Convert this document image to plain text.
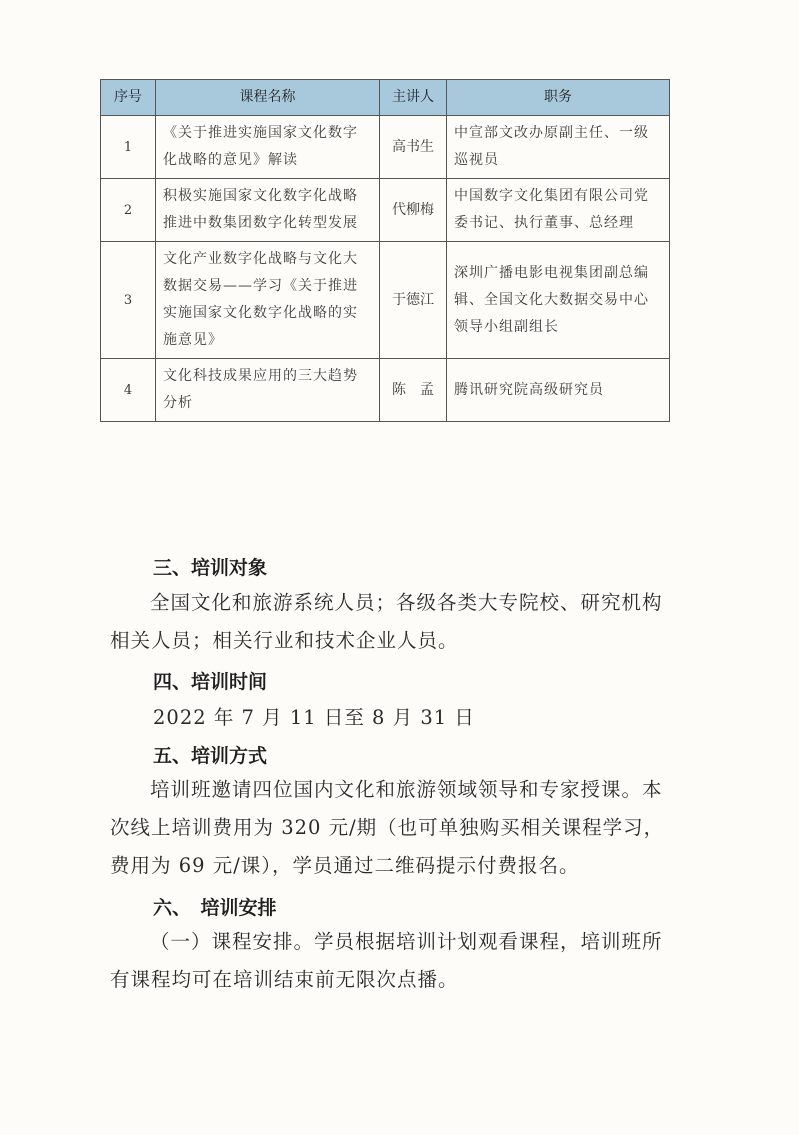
序号	课程名称	主讲人	职务
1	《关于推进实施国家文化数字化战略的意见》解读	高书生	中宣部文改办原副主任、一级巡视员
2	积极实施国家文化数字化战略　推进中数集团数字化转型发展	代柳梅	中国数字文化集团有限公司党委书记、执行董事、总经理
3	文化产业数字化战略与文化大数据交易——学习《关于推进实施国家文化数字化战略的实施意见》	于德江	深圳广播电影电视集团副总编辑、全国文化大数据交易中心领导小组副组长
4	文化科技成果应用的三大趋势分析	陈　孟	腾讯研究院高级研究员

三、培训对象

全国文化和旅游系统人员；各级各类大专院校、研究机构相关人员；相关行业和技术企业人员。

四、培训时间

2022 年 7 月 11 日至 8 月 31 日

五、培训方式

培训班邀请四位国内文化和旅游领域领导和专家授课。本次线上培训费用为 320 元/期（也可单独购买相关课程学习，费用为 69 元/课），学员通过二维码提示付费报名。

六、　培训安排

（一）课程安排。学员根据培训计划观看课程，培训班所有课程均可在培训结束前无限次点播。
